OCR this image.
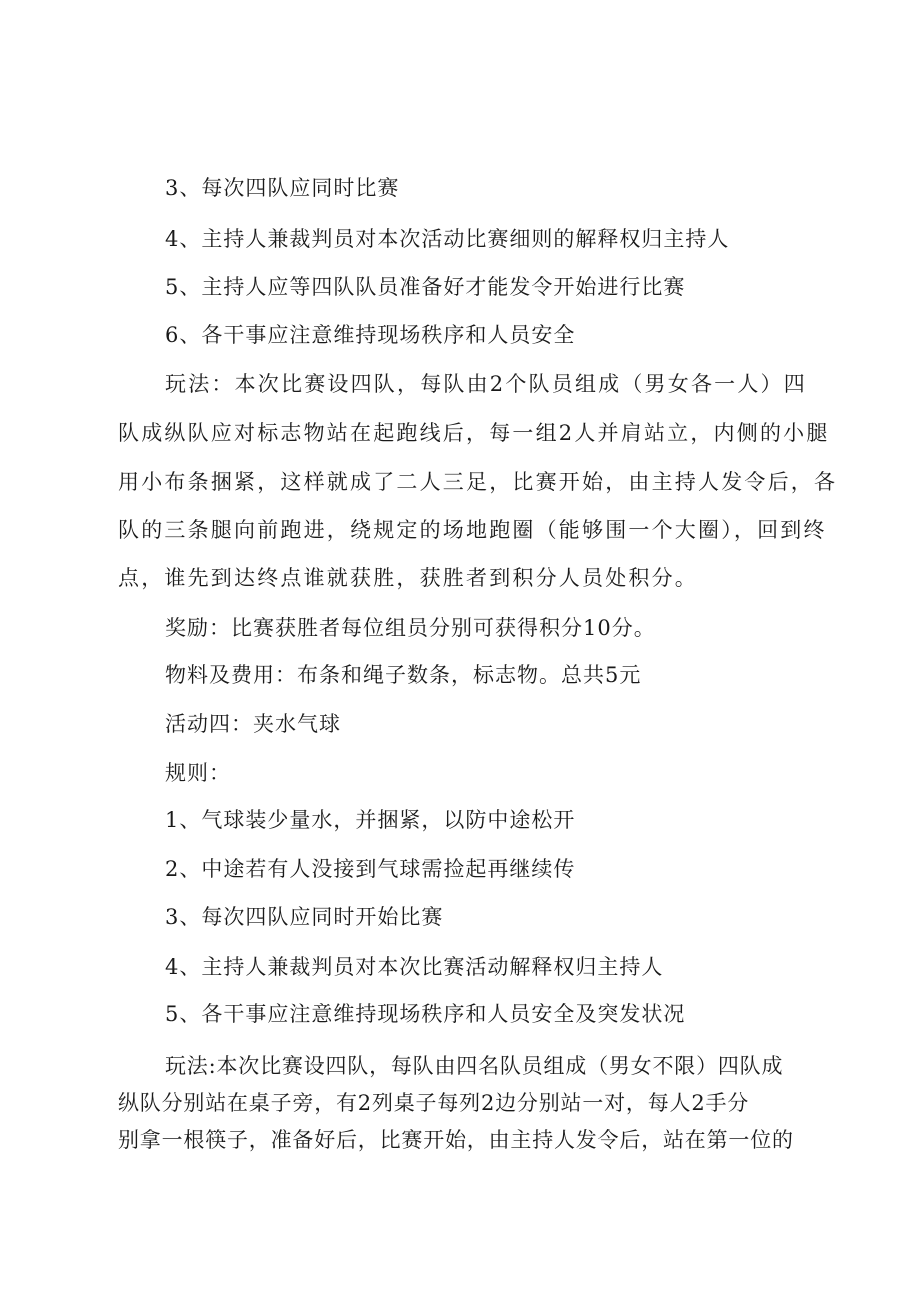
3、每次四队应同时比赛
4、主持人兼裁判员对本次活动比赛细则的解释权归主持人
5、主持人应等四队队员准备好才能发令开始进行比赛
6、各干事应注意维持现场秩序和人员安全
玩法：本次比赛设四队，每队由2个队员组成（男女各一人）四
队成纵队应对标志物站在起跑线后，每一组2人并肩站立，内侧的小腿
用小布条捆紧，这样就成了二人三足，比赛开始，由主持人发令后，各
队的三条腿向前跑进，绕规定的场地跑圈（能够围一个大圈），回到终
点，谁先到达终点谁就获胜，获胜者到积分人员处积分。
奖励：比赛获胜者每位组员分别可获得积分10分。
物料及费用：布条和绳子数条，标志物。总共5元
活动四：夹水气球
规则：
1、气球装少量水，并捆紧，以防中途松开
2、中途若有人没接到气球需捡起再继续传
3、每次四队应同时开始比赛
4、主持人兼裁判员对本次比赛活动解释权归主持人
5、各干事应注意维持现场秩序和人员安全及突发状况
玩法:本次比赛设四队，每队由四名队员组成（男女不限）四队成
纵队分别站在桌子旁，有2列桌子每列2边分别站一对，每人2手分
别拿一根筷子，准备好后，比赛开始，由主持人发令后，站在第一位的
